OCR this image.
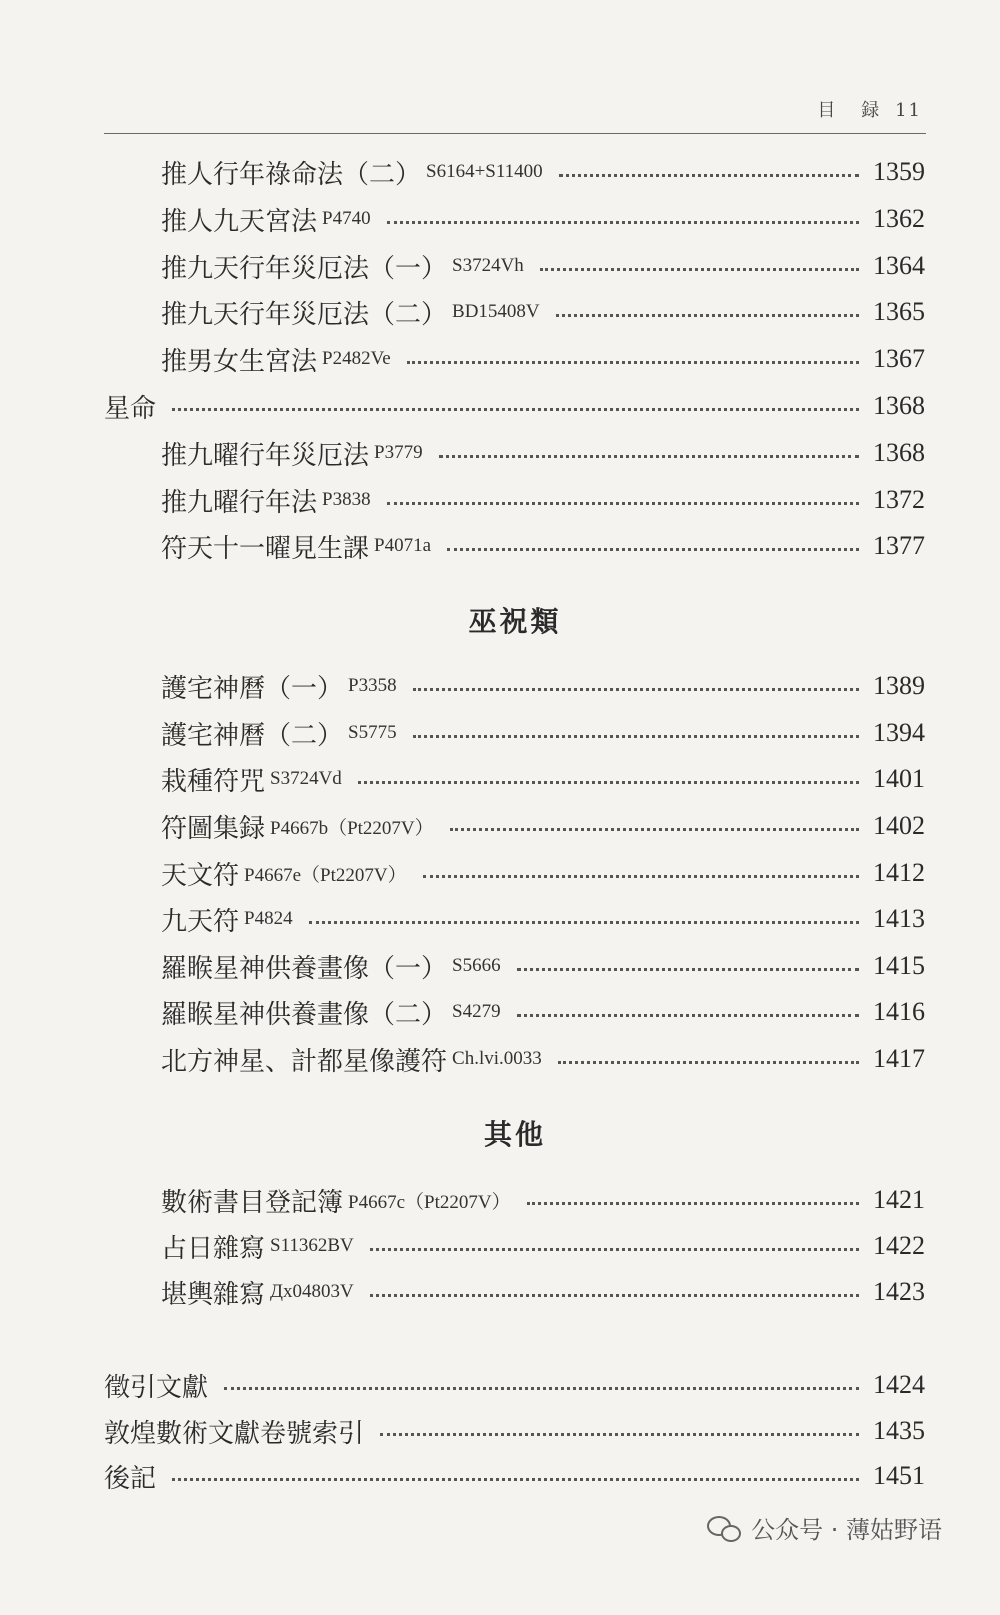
目 録 11
巫祝類
其他
推人行年祿命法（二） S6164+S11400	1359
推人九天宮法 P4740	1362
推九天行年災厄法（一） S3724Vh	1364
推九天行年災厄法（二） BD15408V	1365
推男女生宮法 P2482Ve	1367
星命	1368
推九曜行年災厄法 P3779	1368
推九曜行年法 P3838	1372
符天十一曜見生課 P4071a	1377
護宅神曆（一） P3358	1389
護宅神曆（二） S5775	1394
栽種符咒 S3724Vd	1401
符圖集録 P4667b（Pt2207V）	1402
天文符 P4667e（Pt2207V）	1412
九天符 P4824	1413
羅睺星神供養畫像（一） S5666	1415
羅睺星神供養畫像（二） S4279	1416
北方神星、計都星像護符 Ch.lvi.0033	1417
數術書目登記簿 P4667c（Pt2207V）	1421
占日雜寫 S11362BV	1422
堪輿雜寫 Дx04803V	1423
徵引文獻	1424
敦煌數術文獻卷號索引	1435
後記	1451
公众号 · 薄姑野语
